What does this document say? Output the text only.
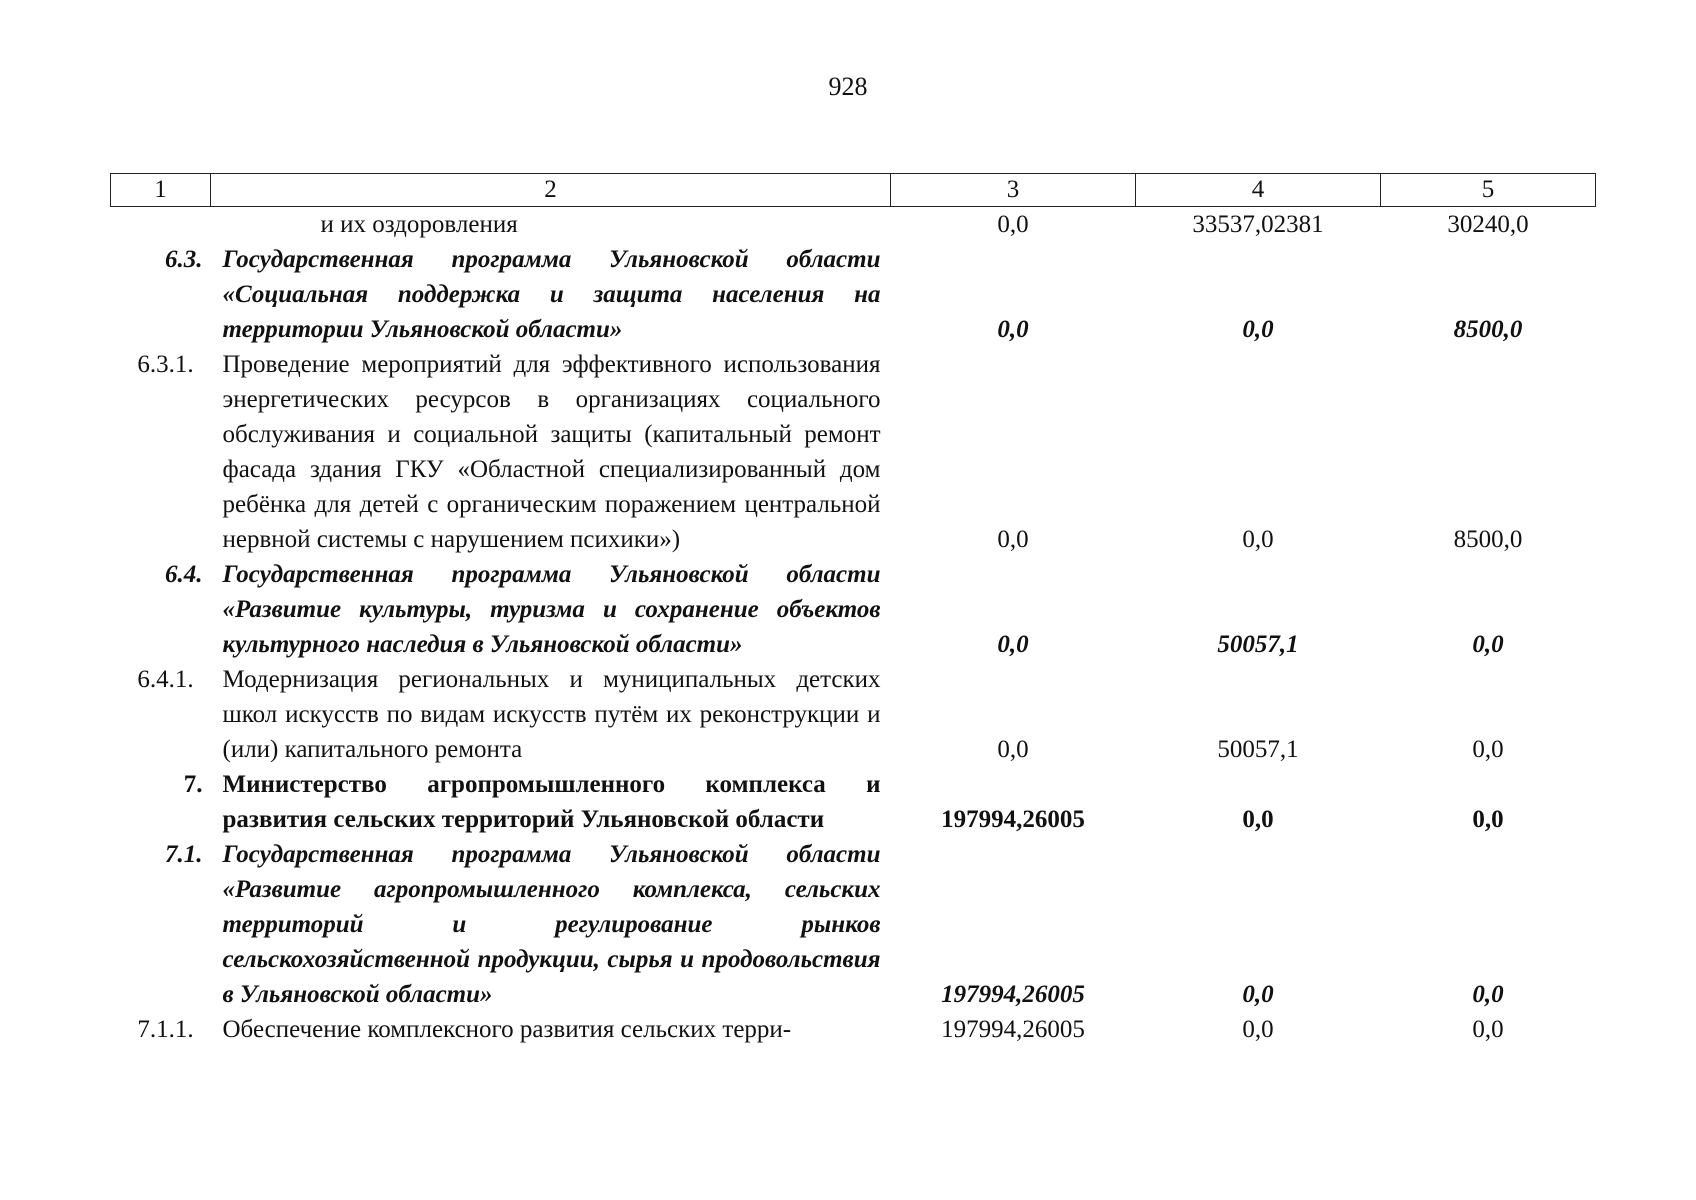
928
1	2	3	4	5
	и их оздоровления	0,0	33537,02381	30240,0
6.3.	Государственная программа Ульяновской области «Социальная поддержка и защита населения на территории Ульяновской области»	0,0	0,0	8500,0
6.3.1.	Проведение мероприятий для эффективного использования энергетических ресурсов в организациях социального обслуживания и социальной защиты (капитальный ремонт фасада здания ГКУ «Областной специализированный дом ребёнка для детей с органическим поражением центральной нервной системы с нарушением психики»)	0,0	0,0	8500,0
6.4.	Государственная программа Ульяновской области «Развитие культуры, туризма и сохранение объектов культурного наследия в Ульяновской области»	0,0	50057,1	0,0
6.4.1.	Модернизация региональных и муниципальных детских школ искусств по видам искусств путём их реконструкции и (или) капитального ремонта	0,0	50057,1	0,0
7.	Министерство агропромышленного комплекса и развития сельских территорий Ульяновской области	197994,26005	0,0	0,0
7.1.	Государственная программа Ульяновской области «Развитие агропромышленного комплекса, сельских территорий и регулирование рынков сельскохозяйственной продукции, сырья и продовольствия в Ульяновской области»	197994,26005	0,0	0,0
7.1.1.	Обеспечение комплексного развития сельских терри-	197994,26005	0,0	0,0
